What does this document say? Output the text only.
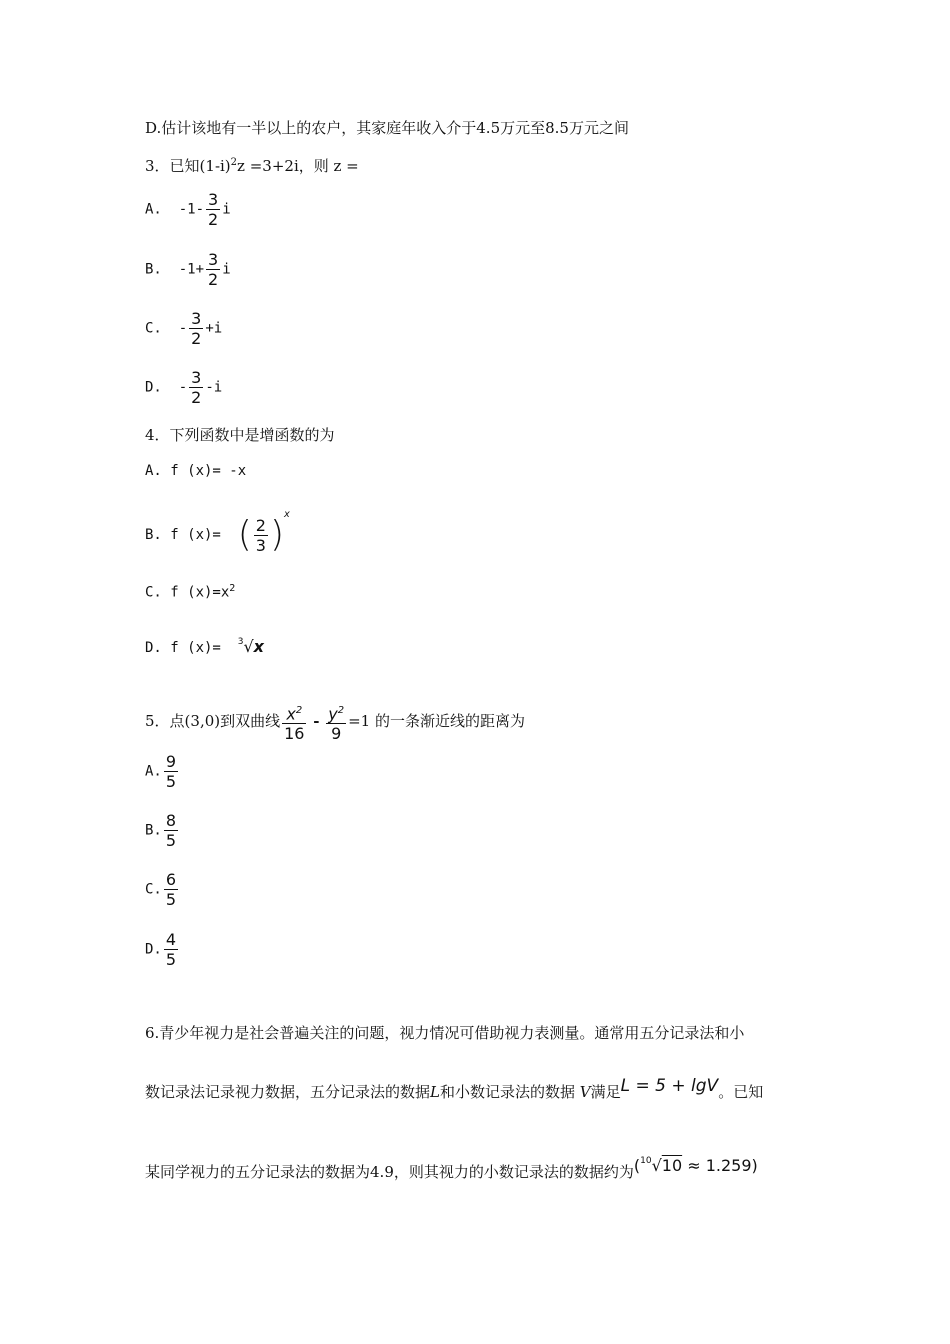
D.估计该地有一半以上的农户，其家庭年收入介于4.5万元至8.5万元之间
3．已知$(1-i)^2z =3+2i$，则 z =
A. $-1- \frac{3}{2}$ i
B. $-1+ \frac{3}{2}$ i
C. - $\frac{3}{2} +i$
D. - $\frac{3}{2} -i$
4．下列函数中是增函数的为
A. f (x)= -x
B. f (x)= ( $\frac{2}{3} )^x$
C. f $(x)=x^2$
D. f (x)= $^3$√x
5．点(3,0)到双曲线 $\frac{x^2}{16} - \frac{y^2}{9} =1$ 的一条渐近线的距离为
A. $\frac{9}{5}$
B. $\frac{8}{5}$
C. $\frac{6}{5}$
D. $\frac{4}{5}$
6.青少年视力是社会普遍关注的问题，视力情况可借助视力表测量。通常用五分记录法和小
数记录法记录视力数据，五分记录法的数据L和小数记录法的数据 V满足L = 5 + lgV。已知
某同学视力的五分记录法的数据为4.9，则其视力的小数记录法的数据约为($^{10}$√10 ≈ 1.259)
